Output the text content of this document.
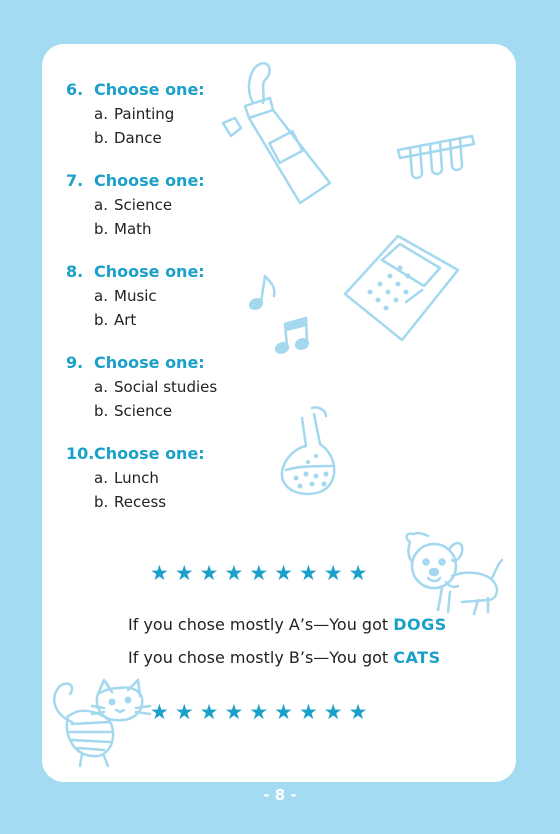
6. Choose one:
a. Painting
b. Dance
7. Choose one:
a. Science
b. Math
8. Choose one:
a. Music
b. Art
9. Choose one:
a. Social studies
b. Science
10.Choose one:
a. Lunch
b. Recess
★ ★ ★ ★ ★ ★ ★ ★ ★
If you chose mostly A’s—You got DOGS
If you chose mostly B’s—You got CATS
★ ★ ★ ★ ★ ★ ★ ★ ★
- 8 -
